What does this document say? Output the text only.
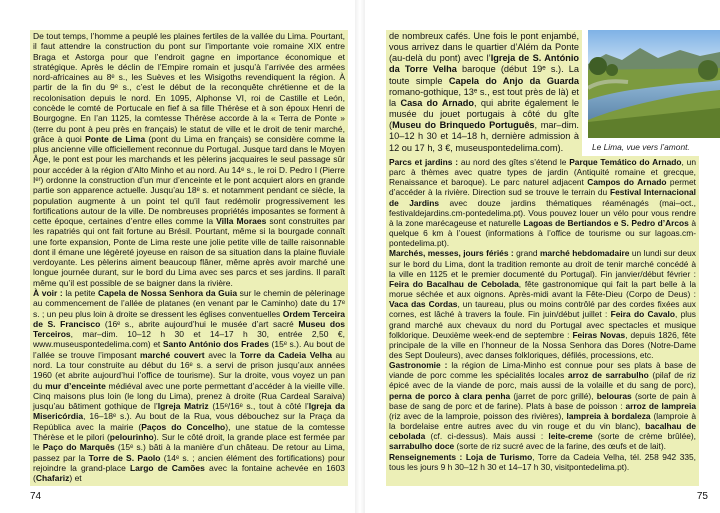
De tout temps, l’homme a peuplé les plaines fertiles de la vallée du Lima. Pourtant, il faut attendre la construction du pont sur l’importante voie romaine XIX entre Braga et Astorga pour que l’endroit gagne en importance économique et stratégique. Après le déclin de l’Empire romain et jusqu’à l’arrivée des armées nord-africaines au 8ᵉ s., les Suèves et les Wisigoths revendiquent la région. À partir de la fin du 9ᵉ s., c’est le début de la reconquête chrétienne et de la recolonisation depuis le nord. En 1095, Alphonse VI, roi de Castille et León, concède le comté de Portucale en fief à sa fille Thérèse et à son époux Henri de Bourgogne. En l’an 1125, la comtesse Thérèse accorde à la « Terra de Ponte » (terre du pont à peu près en français) le statut de ville et le droit de tenir marché, grâce à quoi Ponte de Lima (pont du Lima en français) se considère comme la plus ancienne ville officiellement reconnue du Portugal. Jusque tard dans le Moyen Âge, le pont est pour les marchands et les pèlerins jacquaires le seul passage sûr pour accéder à la région d’Alto Minho et au nord. Au 14ᵉ s., le roi D. Pedro I (Pierre Iᵉʳ) ordonne la construction d’un mur d’enceinte et le pont acquiert alors en grande partie son apparence actuelle. Jusqu’au 18ᵉ s. et notamment pendant ce siècle, la population augmente à un point tel qu’il faut redémolir progressivement les fortifications autour de la ville. De nombreuses propriétés imposantes se forment à cette époque, certaines d’entre elles comme la Villa Moraes sont construites par les rapatriés qui ont fait fortune au Brésil. Pourtant, même si la bourgade connaît une forte expansion, Ponte de Lima reste une jolie petite ville de taille raisonnable dont il émane une légèreté joyeuse en raison de sa situation dans la plaine fluviale verdoyante. Les pèlerins aiment beaucoup flâner, même après avoir marché une longue journée durant, sur le bord du Lima avec ses parcs et ses jardins. Il paraît même qu’il est possible de se baigner dans la rivière.
À voir : la petite Capela de Nossa Senhora da Guia sur le chemin de pèlerinage au commencement de l’allée de platanes (en venant par le Caminho) date du 17ᵉ s. ; un peu plus loin à droite se dressent les églises conventuelles Ordem Terceira de S. Francisco (16ᵉ s., abrite aujourd’hui le musée d’art sacré Museu dos Terceiros, mar–dim. 10–12 h 30 et 14–17 h 30, entrée 2,50 €, www.museuspontedelima.com) et Santo António dos Frades (15ᵉ s.). Au bout de l’allée se trouve l’imposant marché couvert avec la Torre da Cadeia Velha au nord. La tour construite au début du 16ᵉ s. a servi de prison jusqu’aux années 1960 (et abrite aujourd’hui l’office de tourisme). Sur la droite, vous voyez un pan du mur d’enceinte médiéval avec une porte permettant d’accéder à la vieille ville. Cinq maisons plus loin (le long du Lima), prenez à droite (Rua Cardeal Saraiva) jusqu’au bâtiment gothique de l’Igreja Matriz (15ᵉ/16ᵉ s., tout à côté l’Igreja da Misericórdia, 16–18ᵉ s.). Au bout de la Rua, vous débouchez sur la Praça da República avec la mairie (Paços do Concelho), une statue de la comtesse Thérèse et le pilori (pelourinho). Sur le côté droit, la grande place est fermée par le Paço do Marquês (15ᵉ s.) bâti à la manière d’un château. De retour au Lima, passez par la Torre de S. Paolo (14ᵉ s. ; ancien élément des fortifications) pour rejoindre la grand-place Largo de Camões avec la fontaine achevée en 1603 (Chafariz) et
74
de nombreux cafés. Une fois le pont enjambé, vous arrivez dans le quartier d’Além da Ponte (au-delà du pont) avec l’Igreja de S. António da Torre Velha baroque (début 19ᵉ s.). La toute simple Capela do Anjo da Guarda romano-gothique, 13ᵉ s., est tout près de là) et la Casa do Arnado, qui abrite également le musée du jouet portugais à côté du gîte (Museu do Brinquedo Português, mar–dim. 10–12 h 30 et 14–18 h, dernière admission à 12 ou 17 h, 3 €, museuspontedelima.com).	Le Lima, vue vers l’amont.
Parcs et jardins : au nord des gîtes s’étend le Parque Temático do Arnado, un parc à thèmes avec quatre types de jardin (Antiquité romaine et grecque, Renaissance et baroque). Le parc naturel adjacent Campos do Arnado permet d’accéder à la rivière. Direction sud se trouve le terrain du Festival Internacional de Jardins avec douze jardins thématiques réaménagés (mai–oct., festivaldejardins.cm-pontedelima.pt). Vous pouvez louer un vélo pour vous rendre à la zone marécageuse et naturelle Lagoas de Bertiandos e S. Pedro d’Arcos à quelque 6 km à l’ouest (informations à l’office de tourisme ou sur lagoas.cm-pontedelima.pt).
Marchés, messes, jours fériés : grand marché hebdomadaire un lundi sur deux sur le bord du Lima, dont la tradition remonte au droit de tenir marché concédé à la ville en 1125 et le premier documenté du Portugal). Fin janvier/début février : Feira do Bacalhau de Cebolada, fête gastronomique qui fait la part belle à la morue séchée et aux oignons. Après-midi avant la Fête-Dieu (Corpo de Deus) : Vaca das Cordas, un taureau, plus ou moins contrôlé par des cordes fixées aux cornes, est lâché à travers la foule. Fin juin/début juillet : Feira do Cavalo, plus grand marché aux chevaux du nord du Portugal avec spectacles et musique folklorique. Deuxième week-end de septembre : Feiras Novas, depuis 1826, fête principale de la ville en l’honneur de la Nossa Senhora das Dores (Notre-Dame des Sept Douleurs), avec danses folkloriques, défilés, processions, etc.
Gastronomie : la région de Lima-Minho est connue pour ses plats à base de viande de porc comme les spécialités locales arroz de sarrabulho (pilaf de riz épicé avec de la viande de porc, mais aussi de la volaille et du sang de porc), perna de porco à clara penha (jarret de porc grillé), belouras (sorte de pain à base de sang de porc et de farine). Plats à base de poisson : arroz de lampreia (riz avec de la lamproie, poisson des rivières), lampreia à bordaleza (lamproie à la bordelaise entre autres avec du vin rouge et du vin blanc), bacalhau de cebolada (cf. ci-dessus). Mais aussi : leite-creme (sorte de crème brûlée), sarrabulho doce (sorte de riz sucré avec de la farine, des œufs et de lait).
Renseignements : Loja de Turismo, Torre da Cadeia Velha, tél. 258 942 335, tous les jours 9 h 30–12 h 30 et 14–17 h 30, visitpontedelima.pt).
75
